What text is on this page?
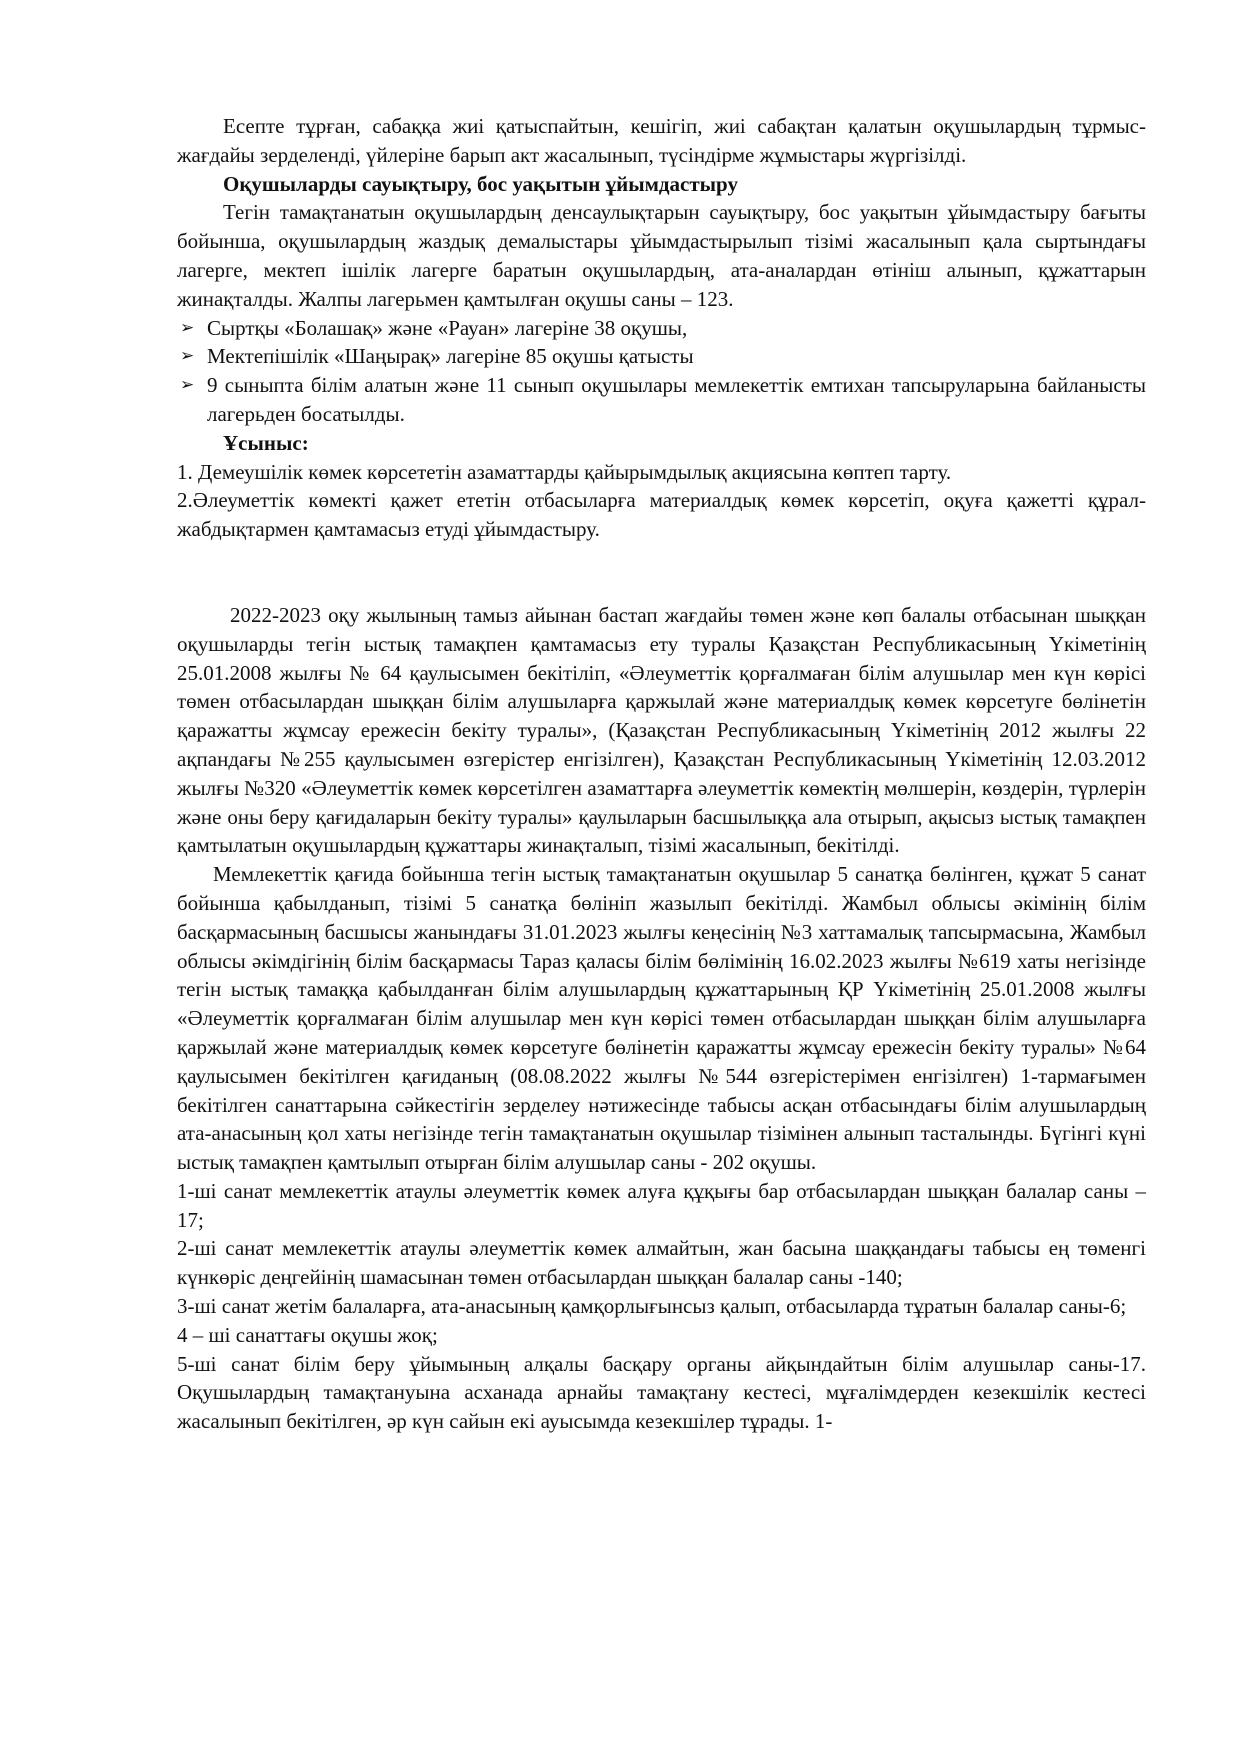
Есепте тұрған, сабаққа жиі қатыспайтын, кешігіп, жиі сабақтан қалатын оқушылардың тұрмыс-жағдайы зерделенді, үйлеріне барып акт жасалынып, түсіндірме жұмыстары жүргізілді.

Оқушыларды сауықтыру, бос уақытын ұйымдастыру

Тегін тамақтанатын оқушылардың денсаулықтарын сауықтыру, бос уақытын ұйымдастыру бағыты бойынша, оқушылардың жаздық демалыстары ұйымдастырылып тізімі жасалынып қала сыртындағы лагерге, мектеп ішілік лагерге баратын оқушылардың, ата-аналардан өтініш алынып, құжаттарын жинақталды. Жалпы лагерьмен қамтылған оқушы саны – 123.

➢ Сыртқы «Болашақ» және «Рауан» лагеріне 38 оқушы,
➢ Мектепішілік «Шаңырақ» лагеріне 85 оқушы қатысты
➢ 9 сыныпта білім алатын және 11 сынып оқушылары мемлекеттік емтихан тапсыруларына байланысты лагерьден босатылды.

Ұсыныс:

1. Демеушілік көмек көрсететін азаматтарды қайырымдылық акциясына көптеп тарту.

2.Әлеуметтік көмекті қажет ететін отбасыларға материалдық көмек көрсетіп, оқуға қажетті құрал-жабдықтармен қамтамасыз етуді ұйымдастыру.

2022-2023 оқу жылының тамыз айынан бастап жағдайы төмен және көп балалы отбасынан шыққан оқушыларды тегін ыстық тамақпен қамтамасыз ету туралы Қазақстан Республикасының Үкіметінің 25.01.2008 жылғы № 64 қаулысымен бекітіліп, «Әлеуметтік қорғалмаған білім алушылар мен күн көрісі төмен отбасылардан шыққан білім алушыларға қаржылай және материалдық көмек көрсетуге бөлінетін қаражатты жұмсау ережесін бекіту туралы», (Қазақстан Республикасының Үкіметінің 2012 жылғы 22 ақпандағы №255 қаулысымен өзгерістер енгізілген), Қазақстан Республикасының Үкіметінің 12.03.2012 жылғы №320 «Әлеуметтік көмек көрсетілген азаматтарға әлеуметтік көмектің мөлшерін, көздерін, түрлерін және оны беру қағидаларын бекіту туралы» қаулыларын басшылыққа ала отырып, ақысыз ыстық тамақпен қамтылатын оқушылардың құжаттары жинақталып, тізімі жасалынып, бекітілді.

Мемлекеттік қағида бойынша тегін ыстық тамақтанатын оқушылар 5 санатқа бөлінген, құжат 5 санат бойынша қабылданып, тізімі 5 санатқа бөлініп жазылып бекітілді. Жамбыл облысы әкімінің білім басқармасының басшысы жанындағы 31.01.2023 жылғы кеңесінің №3 хаттамалық тапсырмасына, Жамбыл облысы әкімдігінің білім басқармасы Тараз қаласы білім бөлімінің 16.02.2023 жылғы №619 хаты негізінде тегін ыстық тамаққа қабылданған білім алушылардың құжаттарының ҚР Үкіметінің 25.01.2008 жылғы «Әлеуметтік қорғалмаған білім алушылар мен күн көрісі төмен отбасылардан шыққан білім алушыларға қаржылай және материалдық көмек көрсетуге бөлінетін қаражатты жұмсау ережесін бекіту туралы» №64 қаулысымен бекітілген қағиданың (08.08.2022 жылғы №544 өзгерістерімен енгізілген) 1-тармағымен бекітілген санаттарына сәйкестігін зерделеу нәтижесінде табысы асқан отбасындағы білім алушылардың ата-анасының қол хаты негізінде тегін тамақтанатын оқушылар тізімінен алынып тасталынды. Бүгінгі күні ыстық тамақпен қамтылып отырған білім алушылар саны - 202 оқушы.

1-ші санат мемлекеттік атаулы әлеуметтік көмек алуға құқығы бар отбасылардан шыққан балалар саны – 17;

2-ші санат мемлекеттік атаулы әлеуметтік көмек алмайтын, жан басына шаққандағы табысы ең төменгі күнкөріс деңгейінің шамасынан төмен отбасылардан шыққан балалар саны -140;

3-ші санат жетім балаларға, ата-анасының қамқорлығынсыз қалып, отбасыларда тұратын балалар саны-6;

4 – ші санаттағы оқушы жоқ;

5-ші санат білім беру ұйымының алқалы басқару органы айқындайтын білім алушылар саны-17. Оқушылардың тамақтануына асханада арнайы тамақтану кестесі, мұғалімдерден кезекшілік кестесі жасалынып бекітілген, әр күн сайын екі ауысымда кезекшілер тұрады. 1-
